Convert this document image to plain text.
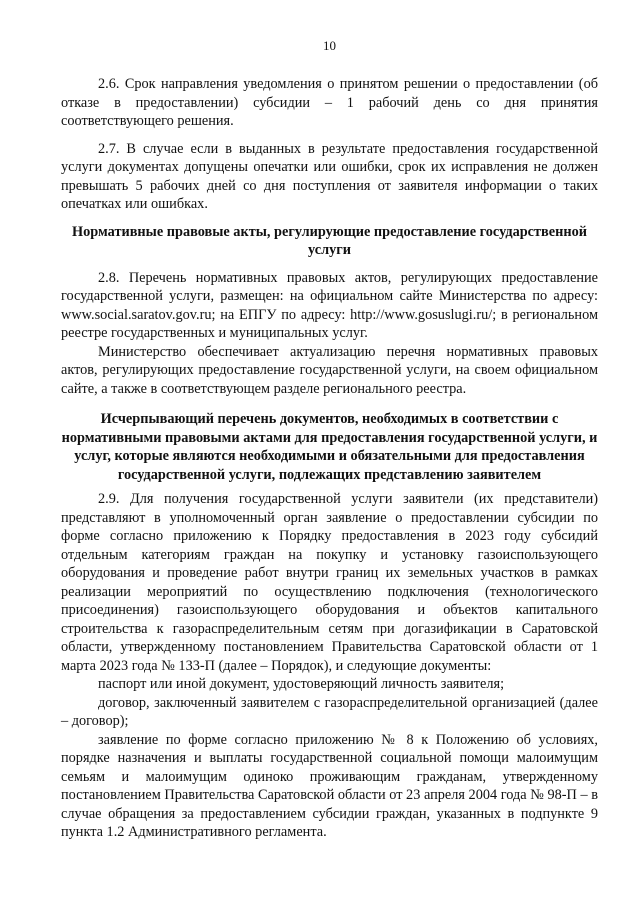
10

2.6. Срок направления уведомления о принятом решении о предоставлении (об отказе в предоставлении) субсидии – 1 рабочий день со дня принятия соответствующего решения.

2.7. В случае если в выданных в результате предоставления государственной услуги документах допущены опечатки или ошибки, срок их исправления не должен превышать 5 рабочих дней со дня поступления от заявителя информации о таких опечатках или ошибках.

Нормативные правовые акты, регулирующие предоставление государственной услуги

2.8. Перечень нормативных правовых актов, регулирующих предоставление государственной услуги, размещен: на официальном сайте Министерства по адресу: www.social.saratov.gov.ru; на ЕПГУ по адресу: http://www.gosuslugi.ru/; в региональном реестре государственных и муниципальных услуг.

Министерство обеспечивает актуализацию перечня нормативных правовых актов, регулирующих предоставление государственной услуги, на своем официальном сайте, а также в соответствующем разделе регионального реестра.

Исчерпывающий перечень документов, необходимых в соответствии с нормативными правовыми актами для предоставления государственной услуги, и услуг, которые являются необходимыми и обязательными для предоставления государственной услуги, подлежащих представлению заявителем

2.9. Для получения государственной услуги заявители (их представители) представляют в уполномоченный орган заявление о предоставлении субсидии по форме согласно приложению к Порядку предоставления в 2023 году субсидий отдельным категориям граждан на покупку и установку газоиспользующего оборудования и проведение работ внутри границ их земельных участков в рамках реализации мероприятий по осуществлению подключения (технологического присоединения) газоиспользующего оборудования и объектов капитального строительства к газораспределительным сетям при догазификации в Саратовской области, утвержденному постановлением Правительства Саратовской области от 1 марта 2023 года № 133-П (далее – Порядок), и следующие документы:

паспорт или иной документ, удостоверяющий личность заявителя;

договор, заключенный заявителем с газораспределительной организацией (далее – договор);

заявление по форме согласно приложению № 8 к Положению об условиях, порядке назначения и выплаты государственной социальной помощи малоимущим семьям и малоимущим одиноко проживающим гражданам, утвержденному постановлением Правительства Саратовской области от 23 апреля 2004 года № 98-П – в случае обращения за предоставлением субсидии граждан, указанных в подпункте 9 пункта 1.2 Административного регламента.
